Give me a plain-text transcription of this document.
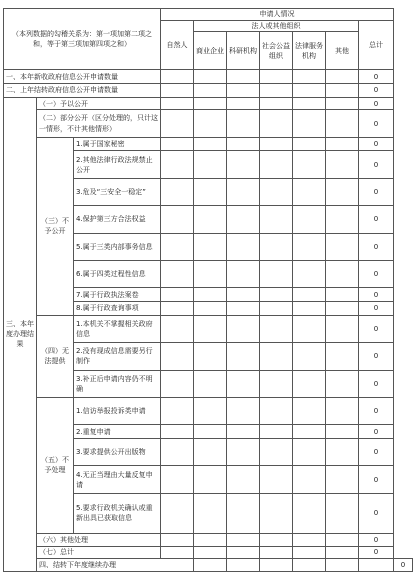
（本列数据的勾稽关系为：第一项加第二项之和，等于第三项加第四项之和）			申请人情况							
			自然人	法人或其他组织					总计	
				商业企业	科研机构	社会公益组织	法律服务机构	其他		
一、本年新收政府信息公开申请数量									0	
二、上年结转政府信息公开申请数量									0	
三、本年度办理结果	（一）予以公开								0	
	（二）部分公开（区分处理的，只计这一情形，不计其他情形）								0	
	（三）不予公开	1.属于国家秘密							0	
		2.其他法律行政法规禁止公开							0	
		3.危及“三安全一稳定”							0	
		4.保护第三方合法权益							0	
		5.属于三类内部事务信息							0	
		6.属于四类过程性信息							0	
		7.属于行政执法案卷							0	
		8.属于行政查询事项							0	
	（四）无法提供	1.本机关不掌握相关政府信息							0	
		2.没有现成信息需要另行制作							0	
		3.补正后申请内容仍不明确							0	
	（五）不予处理	1.信访举报投诉类申请							0	
		2.重复申请							0	
		3.要求提供公开出版物							0	
		4.无正当理由大量反复申请							0	
		5.要求行政机关确认或重新出具已获取信息							0	
	（六）其他处理								0	
	（七）总计								0	
	四、结转下年度继续办理									0
